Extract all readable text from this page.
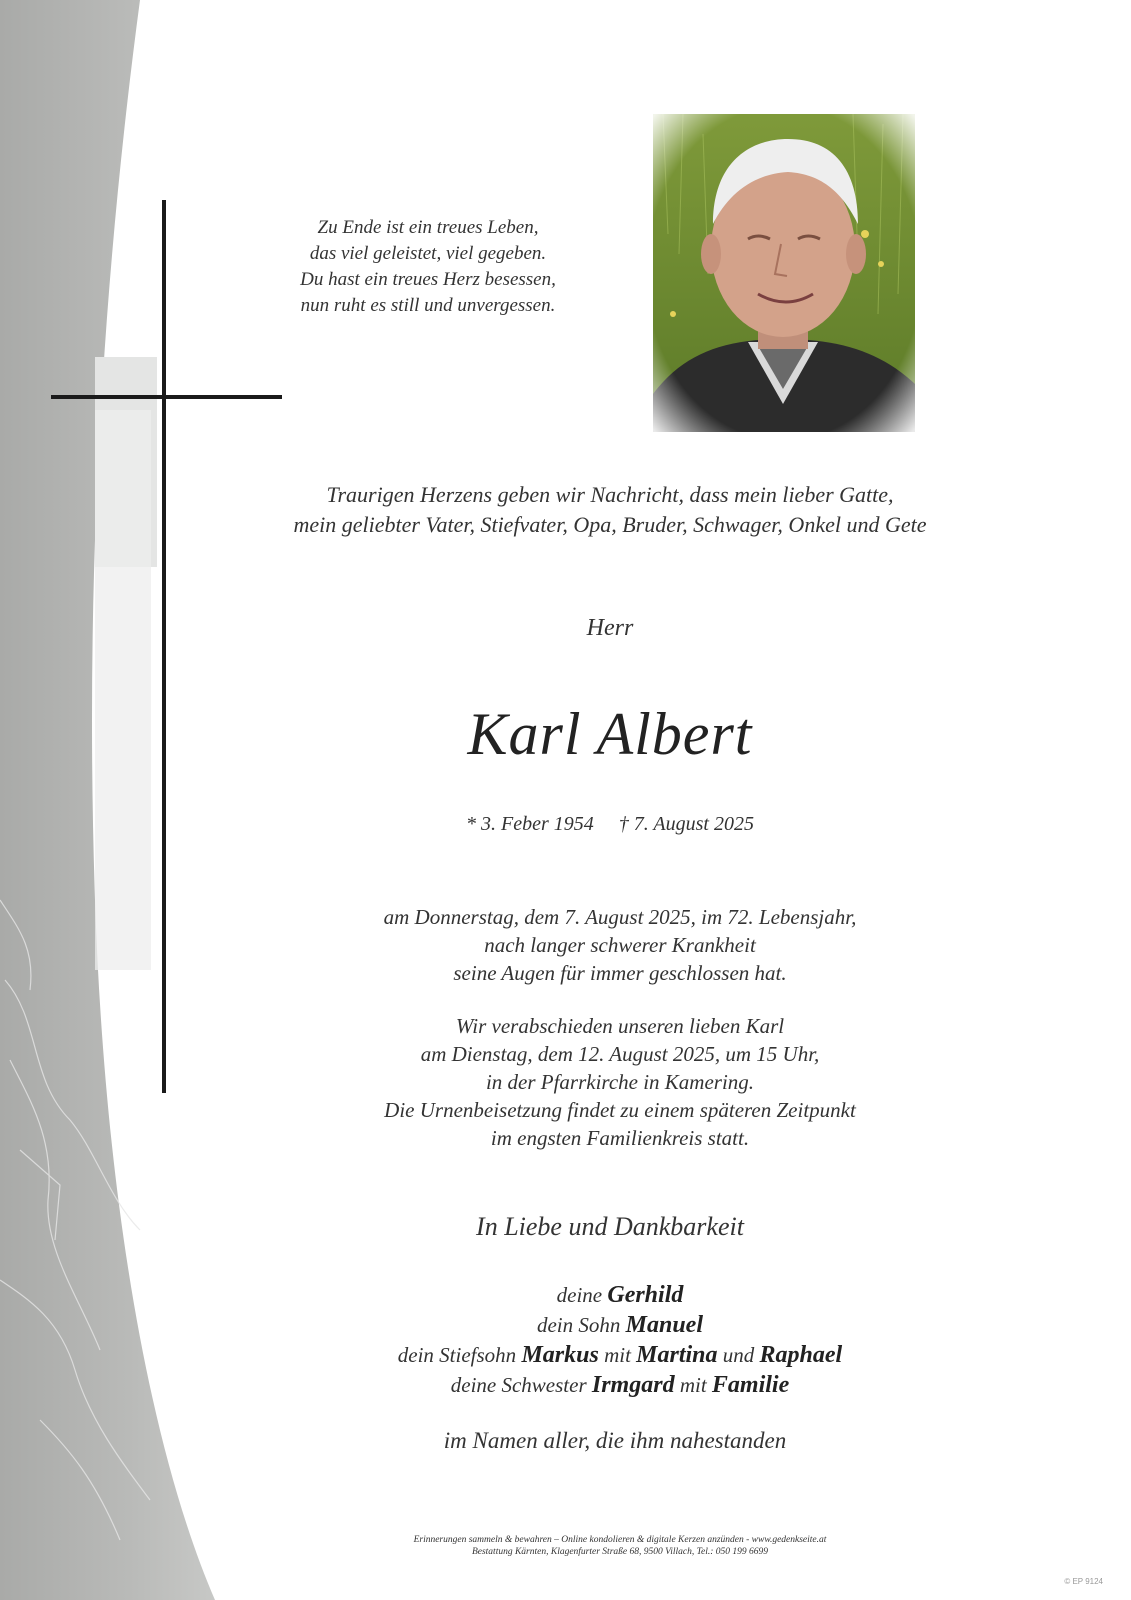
Zu Ende ist ein treues Leben,
das viel geleistet, viel gegeben.
Du hast ein treues Herz besessen,
nun ruht es still und unvergessen.
Traurigen Herzens geben wir Nachricht, dass mein lieber Gatte,
mein geliebter Vater, Stiefvater, Opa, Bruder, Schwager, Onkel und Gete
Herr
Karl Albert
* 3. Feber 1954 † 7. August 2025
am Donnerstag, dem 7. August 2025, im 72. Lebensjahr,
nach langer schwerer Krankheit
seine Augen für immer geschlossen hat.
Wir verabschieden unseren lieben Karl
am Dienstag, dem 12. August 2025, um 15 Uhr,
in der Pfarrkirche in Kamering.
Die Urnenbeisetzung findet zu einem späteren Zeitpunkt
im engsten Familienkreis statt.
In Liebe und Dankbarkeit
deine Gerhild
dein Sohn Manuel
dein Stiefsohn Markus mit Martina und Raphael
deine Schwester Irmgard mit Familie
im Namen aller, die ihm nahestanden
Erinnerungen sammeln & bewahren – Online kondolieren & digitale Kerzen anzünden - www.gedenkseite.at
Bestattung Kärnten, Klagenfurter Straße 68, 9500 Villach, Tel.: 050 199 6699
© EP 9124
